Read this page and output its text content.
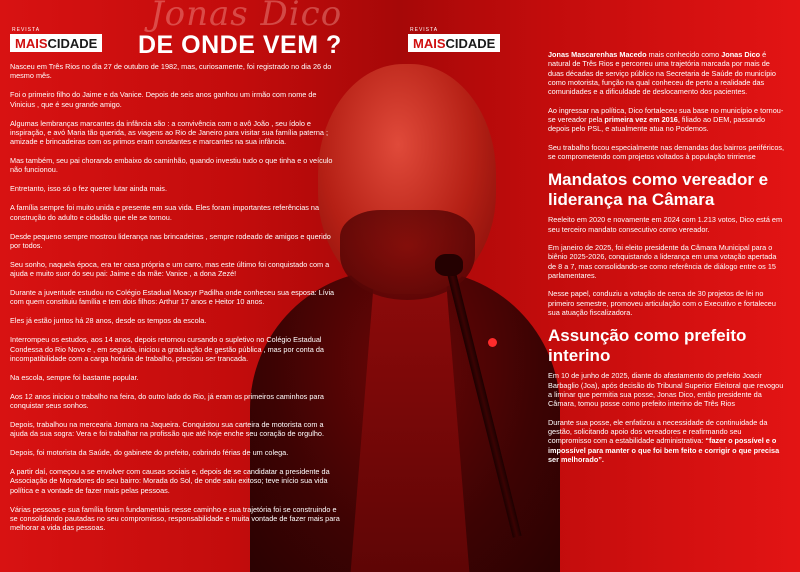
Jonas Dico
DE ONDE VEM ?
REVISTA
MAIS CIDADE
REVISTA
MAIS CIDADE

Nasceu em Três Rios no dia 27 de outubro de 1982, mas, curiosamente, foi registrado no dia 26 do mesmo mês.

Foi o primeiro filho do Jaime e da Vanice. Depois de seis anos ganhou um irmão com nome de Vinicius , que é seu grande amigo.

Algumas lembranças marcantes da infância são : a convivência com o avô João , seu ídolo e inspiração, e avó Maria tão querida, as viagens ao Rio de Janeiro para visitar sua família paterna ; amizade e brincadeiras com os primos eram constantes e marcantes na sua infância.

Mas também, seu pai chorando embaixo do caminhão, quando investiu tudo o que tinha e o veículo não funcionou.

Entretanto, isso só o fez querer lutar ainda mais.

A família sempre foi muito unida e presente em sua vida. Eles foram importantes referências na construção do adulto e cidadão que ele se tornou.

Desde pequeno sempre mostrou liderança nas brincadeiras , sempre rodeado de amigos e querido por todos.

Seu sonho, naquela época, era ter casa própria e um carro, mas este último foi conquistado com a ajuda e muito suor do seu pai: Jaime e da mãe: Vanice , a dona Zezé!

Durante a juventude estudou no Colégio Estadual Moacyr Padilha onde conheceu sua esposa: Lívia com quem constituiu família e tem dois filhos: Arthur 17 anos e Heitor 10 anos.

Eles já estão juntos há 28 anos, desde os tempos da escola.

Interrompeu os estudos, aos 14 anos, depois retornou cursando o supletivo no Colégio Estadual Condessa do Rio Novo e , em seguida, iniciou a graduação de gestão pública , mas por conta da incompatibilidade com a carga horária de trabalho, precisou ser trancada.

Na escola, sempre foi bastante popular.

Aos 12 anos iniciou o trabalho na feira, do outro lado do Rio, já eram os primeiros caminhos para conquistar seus sonhos.

Depois, trabalhou na mercearia Jomara na Jaqueira. Conquistou sua carteira de motorista com a ajuda da sua sogra: Vera e foi trabalhar na profissão que até hoje enche seu coração de orgulho.

Depois, foi motorista da Saúde, do gabinete do prefeito, cobrindo férias de um colega.

A partir daí, começou a se envolver com causas sociais e, depois de se candidatar a presidente da Associação de Moradores do seu bairro: Morada do Sol, de onde saiu exitoso; teve início sua vida política e a vontade de fazer mais pelas pessoas.

Várias pessoas e sua família foram fundamentais nesse caminho e sua trajetória foi se construindo e se consolidando pautadas no seu compromisso, responsabilidade e muita vontade de fazer mais para melhorar a vida das pessoas.

Jonas Mascarenhas Macedo mais conhecido como Jonas Dico é natural de Três Rios e percorreu uma trajetória marcada por mais de duas décadas de serviço público na Secretaria de Saúde do município como motorista, função na qual conheceu de perto a realidade das comunidades e a dificuldade de deslocamento dos pacientes.

Ao ingressar na política, Dico fortaleceu sua base no município e tornou-se vereador pela primeira vez em 2016, filiado ao DEM, passando depois pelo PSL, e atualmente atua no Podemos.

Seu trabalho focou especialmente nas demandas dos bairros periféricos, se comprometendo com projetos voltados à população trirriense

Mandatos como vereador e liderança na Câmara

Reeleito em 2020 e novamente em 2024 com 1.213 votos, Dico está em seu terceiro mandato consecutivo como vereador.

Em janeiro de 2025, foi eleito presidente da Câmara Municipal para o biênio 2025-2026, conquistando a liderança em uma votação apertada de 8 a 7, mas consolidando-se como referência de diálogo entre os 15 parlamentares.

Nesse papel, conduziu a votação de cerca de 30 projetos de lei no primeiro semestre, promoveu articulação com o Executivo e fortaleceu sua atuação fiscalizadora.

Assunção como prefeito interino

Em 10 de junho de 2025, diante do afastamento do prefeito Joacir Barbaglio (Joa), após decisão do Tribunal Superior Eleitoral que revogou a liminar que permitia sua posse, Jonas Dico, então presidente da Câmara, tomou posse como prefeito interino de Três Rios

Durante sua posse, ele enfatizou a necessidade de continuidade da gestão, solicitando apoio dos vereadores e reafirmando seu compromisso com a estabilidade administrativa: “fazer o possível e o impossível para manter o que foi bem feito e corrigir o que precisa ser melhorado”.
